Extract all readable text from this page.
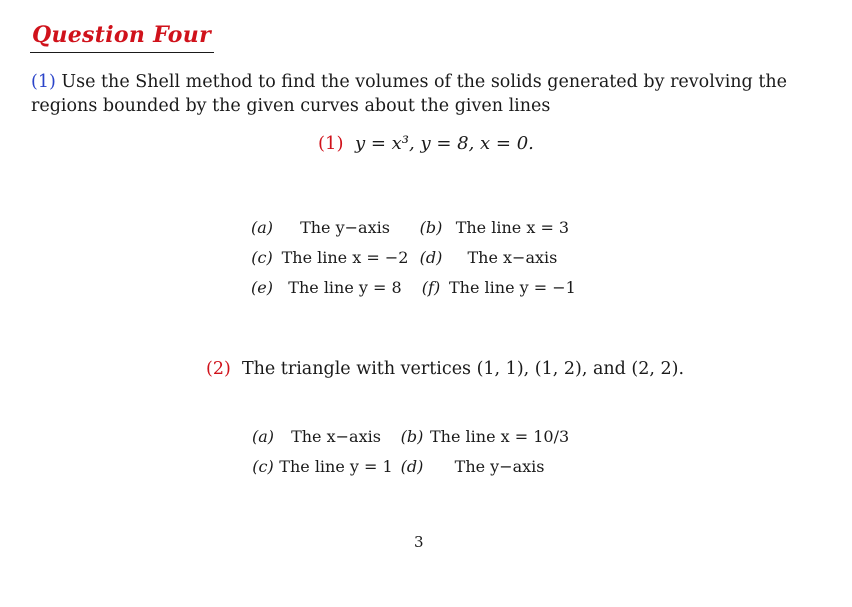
Question Four
(1) Use the Shell method to find the volumes of the solids generated by revolving the regions bounded by the given curves about the given lines
(1) y = x³, y = 8, x = 0.
(a)	The y−axis	(b)	The line x = 3
(c)	The line x = −2	(d)	The x−axis
(e)	The line y = 8	(f)	The line y = −1
(2) The triangle with vertices (1, 1), (1, 2), and (2, 2).
(a)	The x−axis	(b)	The line x = 10/3
(c)	The line y = 1	(d)	The y−axis
3
